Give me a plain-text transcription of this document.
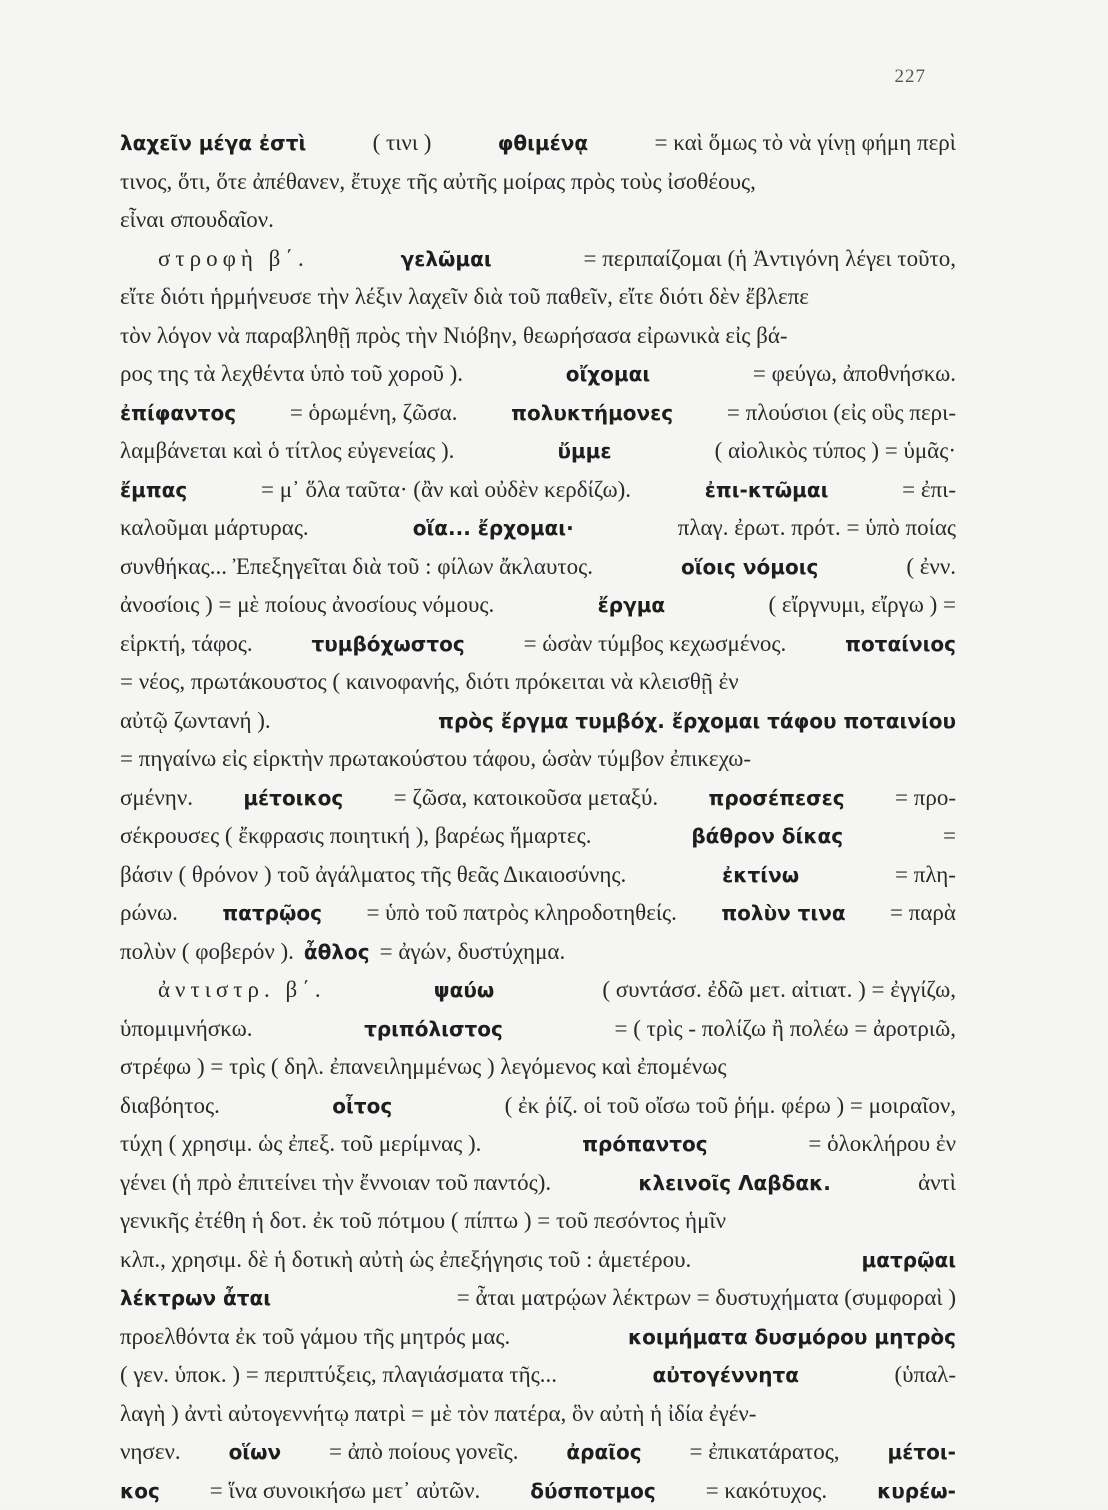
227
λαχεῖν μέγα ἐστὶ	( τινι )	φθιμένᾳ	= καὶ ὅμως τὸ νὰ γίνῃ φήμη περὶ
τινος, ὅτι, ὅτε ἀπέθανεν, ἔτυχε τῆς αὐτῆς μοίρας πρὸς τοὺς ἰσοθέους,
εἶναι σπουδαῖον.
στροφὴ β΄.	γελῶμαι	= περιπαίζομαι (ἡ Ἀντιγόνη λέγει τοῦτο,
εἴτε διότι ἡρμήνευσε τὴν λέξιν λαχεῖν διὰ τοῦ παθεῖν, εἴτε διότι δὲν ἔβλεπε
τὸν λόγον νὰ παραβληθῇ πρὸς τὴν Νιόβην, θεωρήσασα εἰρωνικὰ εἰς βά-
ρος της τὰ λεχθέντα ὑπὸ τοῦ χοροῦ ).	οἴχομαι	= φεύγω, ἀποθνήσκω.
ἐπίφαντος = ὁρωμένη, ζῶσα.	πολυκτήμονες = πλούσιοι (εἰς οὓς περι-
λαμβάνεται καὶ ὁ τίτλος εὐγενείας ).	ὔμμε	( αἰολικὸς τύπος ) = ὑμᾶς·
ἔμπας	= μ᾽ ὅλα ταῦτα· (ἂν καὶ οὐδὲν κερδίζω).	ἐπι-κτῶμαι	= ἐπι-
καλοῦμαι μάρτυρας.	οἵα... ἔρχομαι·	πλαγ. ἐρωτ. πρότ. = ὑπὸ ποίας
συνθήκας... Ἐπεξηγεῖται διὰ τοῦ : φίλων ἄκλαυτος.	οἵοις νόμοις	( ἐνν.
ἀνοσίοις ) = μὲ ποίους ἀνοσίους νόμους.	ἔργμα	( εἴργνυμι, εἴργω ) =
εἱρκτή, τάφος.	τυμβόχωστος	= ὡσὰν τύμβος κεχωσμένος.	ποταίνιος
= νέος, πρωτάκουστος ( καινοφανής, διότι πρόκειται νὰ κλεισθῇ ἐν
αὐτῷ ζωντανή ).	πρὸς ἔργμα τυμβόχ. ἔρχομαι τάφου ποταινίου
= πηγαίνω εἰς εἱρκτὴν πρωτακούστου τάφου, ὡσὰν τύμβον ἐπικεχω-
σμένην.	μέτοικος = ζῶσα, κατοικοῦσα μεταξύ.	προσέπεσες = προ-
σέκρουσες ( ἔκφρασις ποιητική ), βαρέως ἥμαρτες.	βάθρον δίκας	=
βάσιν ( θρόνον ) τοῦ ἀγάλματος τῆς θεᾶς Δικαιοσύνης.	ἐκτίνω	= πλη-
ρώνω. πατρῷος = ὑπὸ τοῦ πατρὸς κληροδοτηθείς. πολὺν τινα = παρὰ
πολὺν ( φοβερόν ). ἆθλος = ἀγών, δυστύχημα.
ἀντιστρ. β΄.	ψαύω	( συντάσσ. ἐδῶ μετ. αἰτιατ. ) = ἐγγίζω,
ὑπομιμνήσκω.	τριπόλιστος	= ( τρὶς - πολίζω ἢ πολέω = ἀροτριῶ,
στρέφω ) = τρὶς ( δηλ. ἐπανειλημμένως ) λεγόμενος καὶ ἐπομένως
διαβόητος.	οἶτος	( ἐκ ῥίζ. οἱ τοῦ οἴσω τοῦ ῥήμ. φέρω ) = μοιραῖον,
τύχη ( χρησιμ. ὡς ἐπεξ. τοῦ μερίμνας ).	πρόπαντος	= ὁλοκλήρου ἐν
γένει (ἡ πρὸ ἐπιτείνει τὴν ἔννοιαν τοῦ παντός).	κλεινοῖς Λαβδακ.	ἀντὶ
γενικῆς ἐτέθη ἡ δοτ. ἐκ τοῦ πότμου ( πίπτω ) = τοῦ πεσόντος ἡμῖν
κλπ., χρησιμ. δὲ ἡ δοτικὴ αὐτὴ ὡς ἐπεξήγησις τοῦ : ἁμετέρου.	ματρῷαι
λέκτρων ἆται	= ἆται ματρῴων λέκτρων = δυστυχήματα (συμφοραὶ )
προελθόντα ἐκ τοῦ γάμου τῆς μητρός μας.	κοιμήματα δυσμόρου μητρὸς
( γεν. ὑποκ. ) = περιπτύξεις, πλαγιάσματα τῆς...	αὐτογέννητα	(ὑπαλ-
λαγὴ ) ἀντὶ αὐτογεννήτῳ πατρὶ = μὲ τὸν πατέρα, ὃν αὐτὴ ἡ ἰδία ἐγέν-
νησεν. οἵων = ἀπὸ ποίους γονεῖς. ἀραῖος = ἐπικατάρατος, μέτοι-
κος = ἵνα συνοικήσω μετ᾽ αὐτῶν. δύσποτμος = κακότυχος. κυρέω-
